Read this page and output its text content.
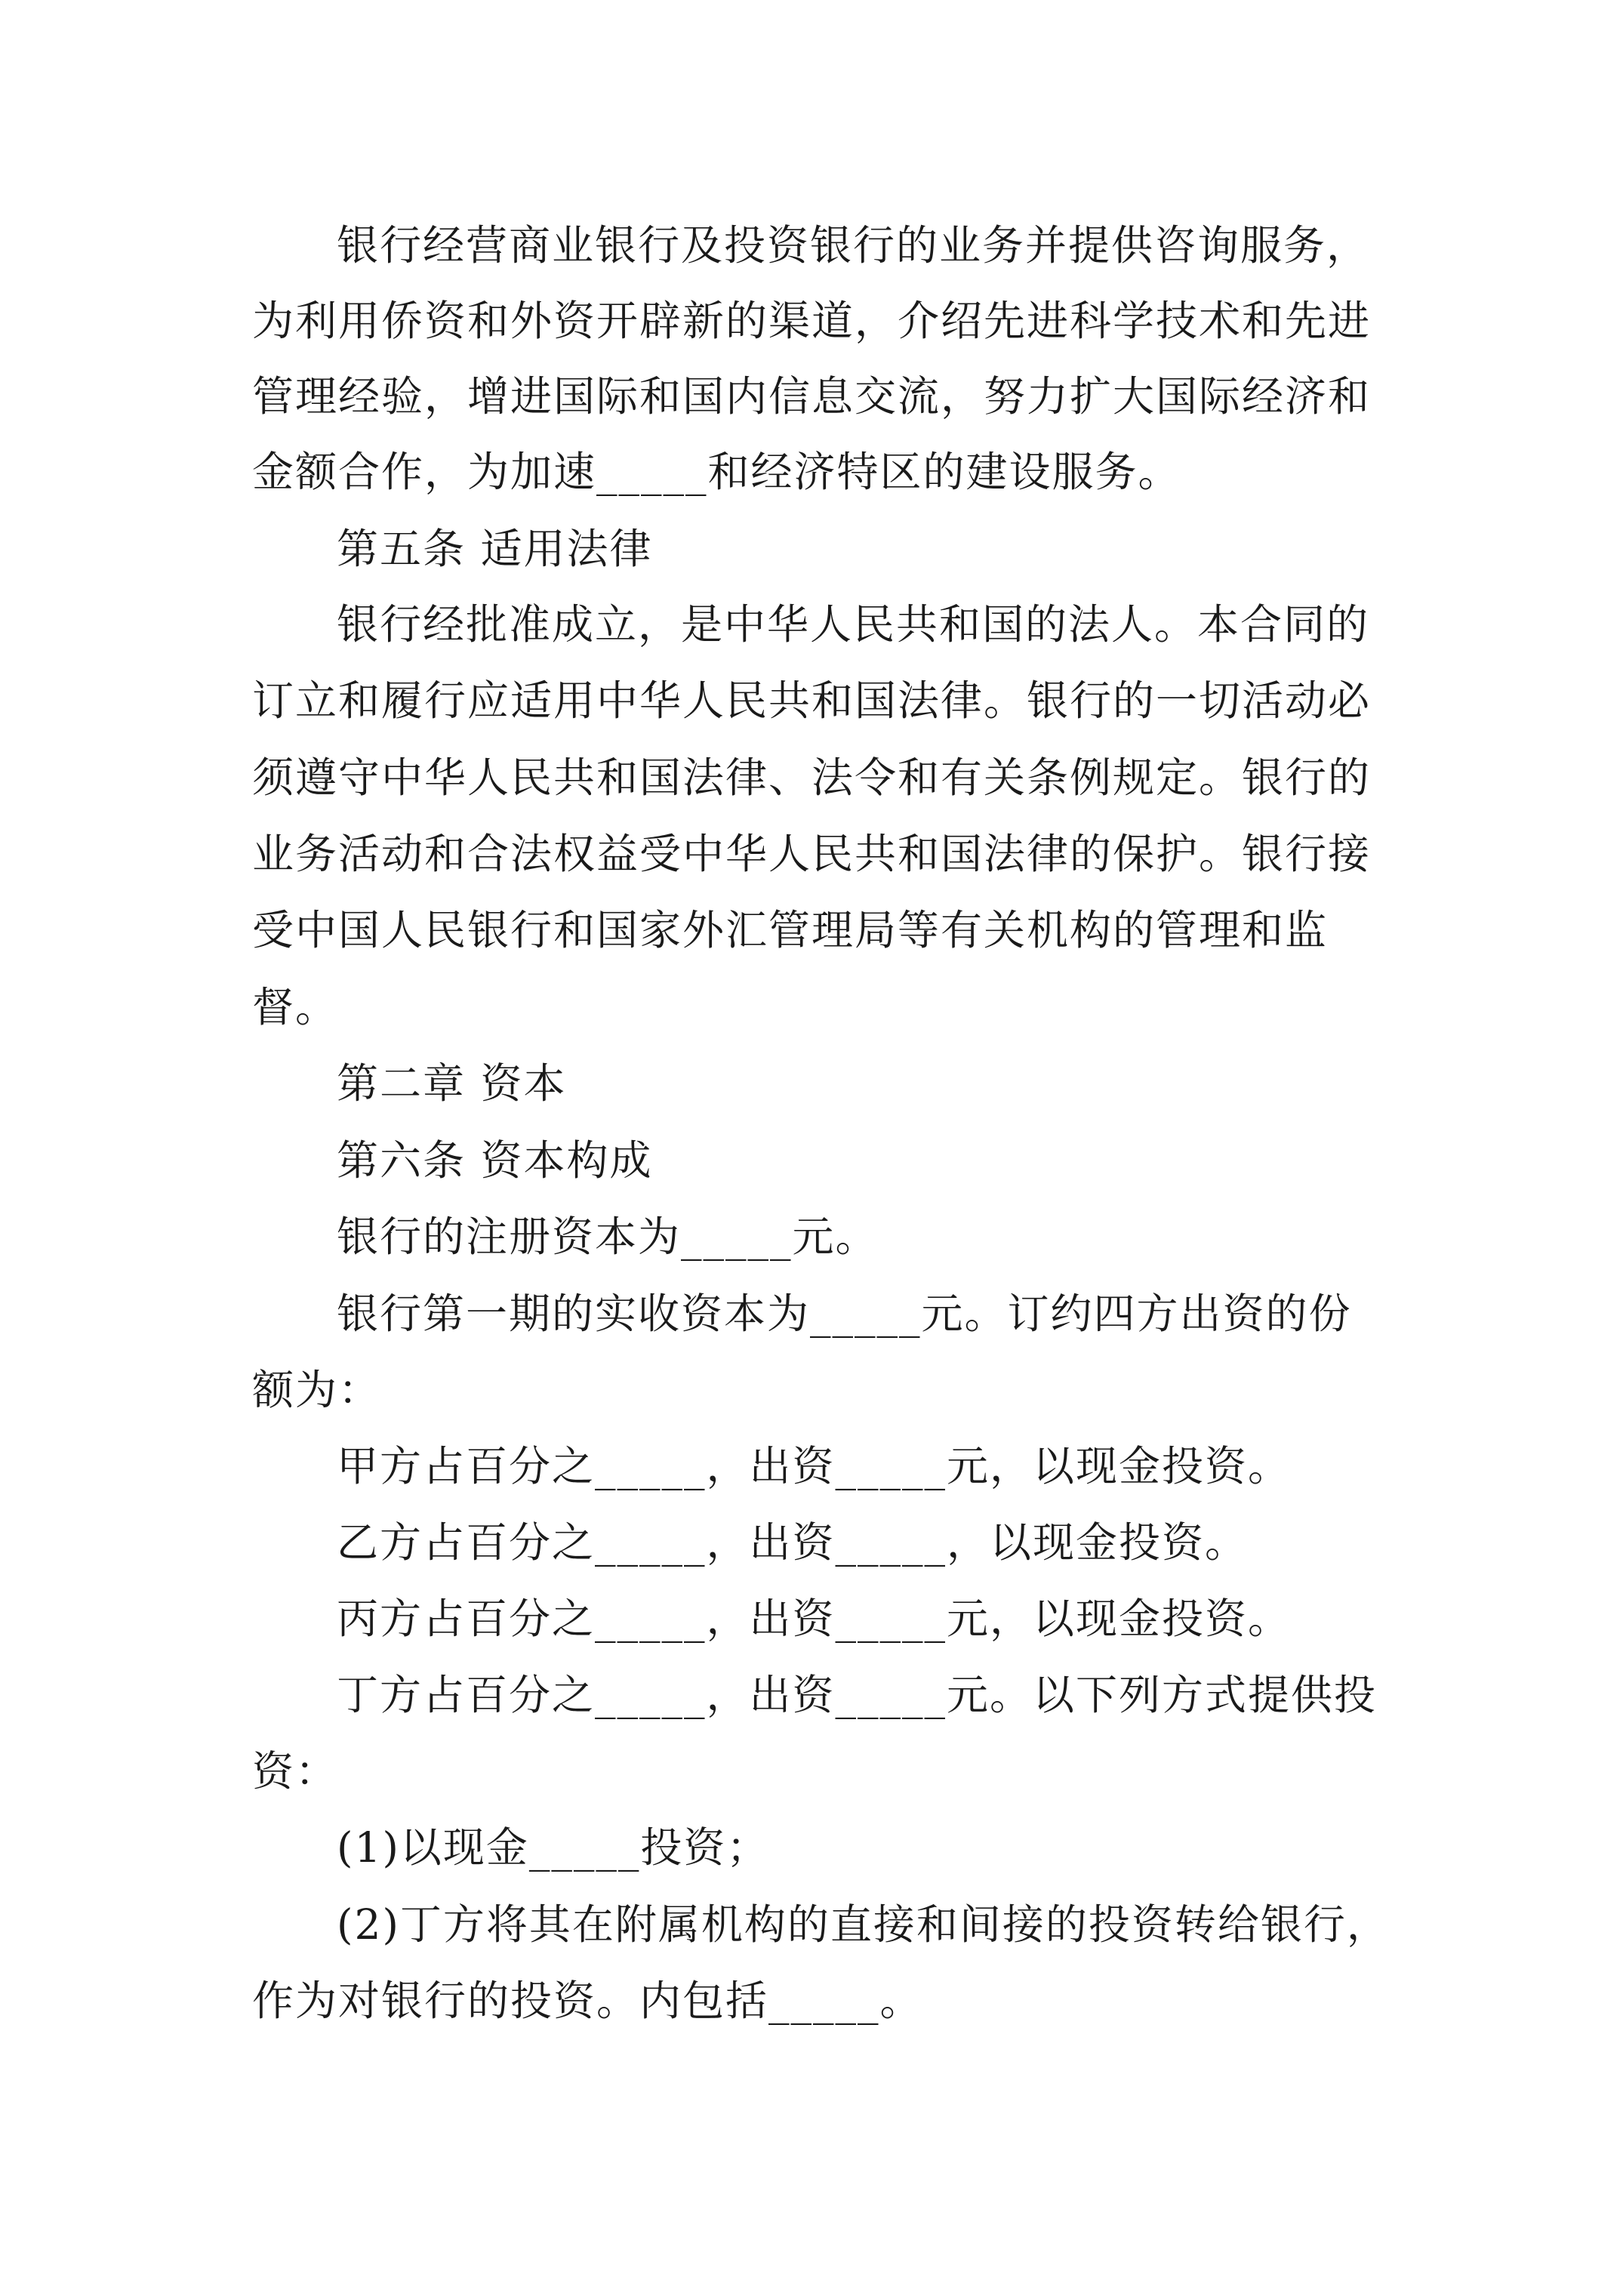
银行经营商业银行及投资银行的业务并提供咨询服务，
为利用侨资和外资开辟新的渠道，介绍先进科学技术和先进
管理经验，增进国际和国内信息交流，努力扩大国际经济和
金额合作，为加速_____和经济特区的建设服务。
第五条 适用法律
银行经批准成立，是中华人民共和国的法人。本合同的
订立和履行应适用中华人民共和国法律。银行的一切活动必
须遵守中华人民共和国法律、法令和有关条例规定。银行的
业务活动和合法权益受中华人民共和国法律的保护。银行接
受中国人民银行和国家外汇管理局等有关机构的管理和监
督。
第二章 资本
第六条 资本构成
银行的注册资本为_____元。
银行第一期的实收资本为_____元。订约四方出资的份
额为：
甲方占百分之_____，出资_____元，以现金投资。
乙方占百分之_____，出资_____，以现金投资。
丙方占百分之_____，出资_____元，以现金投资。
丁方占百分之_____，出资_____元。以下列方式提供投
资：
(1)以现金_____投资；
(2)丁方将其在附属机构的直接和间接的投资转给银行，
作为对银行的投资。内包括_____。
